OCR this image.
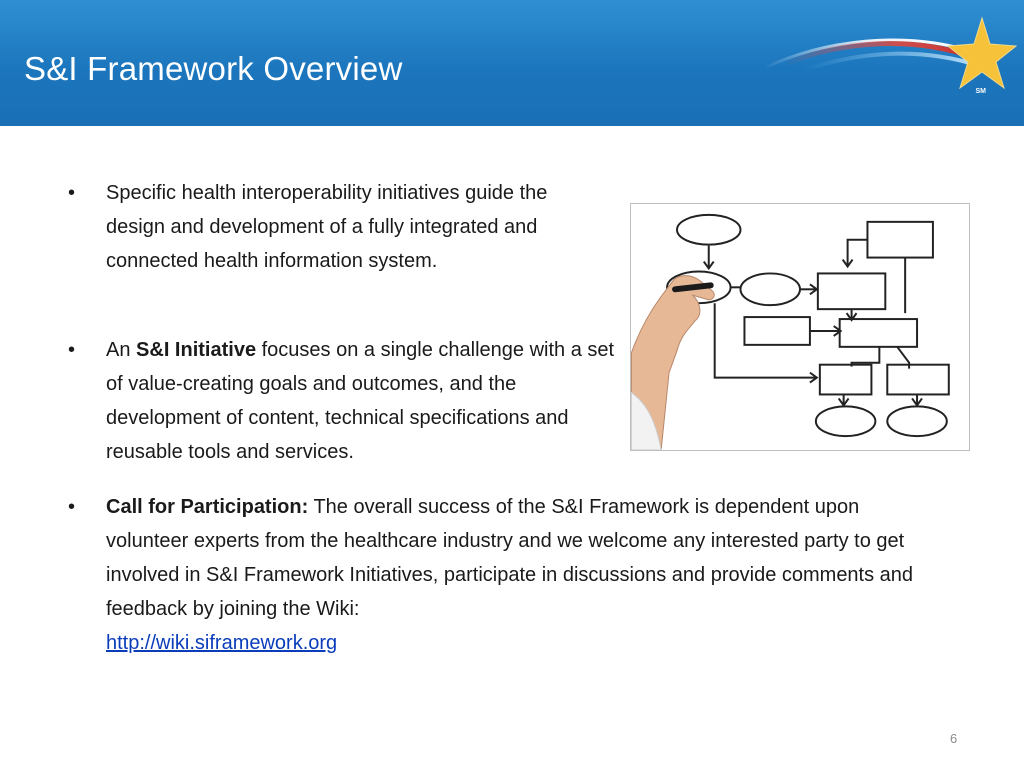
S&I Framework Overview
SM
• Specific health interoperability initiatives guide the design and development of a fully integrated and connected health information system.
• An S&I Initiative focuses on a single challenge with a set of value-creating goals and outcomes, and the development of content, technical specifications and reusable tools and services.
• Call for Participation: The overall success of the S&I Framework is dependent upon volunteer experts from the healthcare industry and we welcome any interested party to get involved in S&I Framework Initiatives, participate in discussions and provide comments and feedback by joining the Wiki:
http://wiki.siframework.org
6
